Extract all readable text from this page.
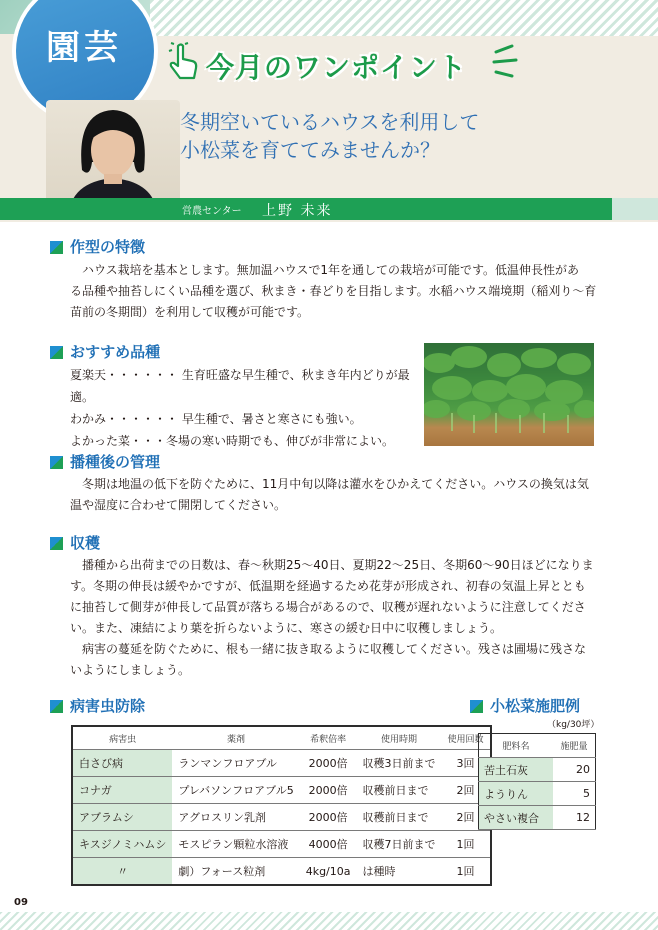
園芸	今月のワンポイント
冬期空いているハウスを利用して
小松菜を育ててみませんか？
営農センター 上野 未来
作型の特徴
　ハウス栽培を基本とします。無加温ハウスで1年を通しての栽培が可能です。低温伸長性があ
る品種や抽苔しにくい品種を選び、秋まき・春どりを目指します。水稲ハウス端境期（稲刈り～育
苗前の冬期間）を利用して収穫が可能です。
おすすめ品種
夏楽天・・・・・・ 生育旺盛な早生種で、秋まき年内どりが最適。
わかみ・・・・・・ 早生種で、暑さと寒さにも強い。
よかった菜・・・冬場の寒い時期でも、伸びが非常によい。
播種後の管理
　冬期は地温の低下を防ぐために、11月中旬以降は灌水をひかえてください。ハウスの換気は気
温や湿度に合わせて開閉してください。
収穫
　播種から出荷までの日数は、春～秋期25～40日、夏期22～25日、冬期60～90日ほどになりま
す。冬期の伸長は緩やかですが、低温期を経過するため花芽が形成され、初春の気温上昇ととも
に抽苔して側芽が伸長して品質が落ちる場合があるので、収穫が遅れないように注意してくださ
い。また、凍結により葉を折らないように、寒さの緩む日中に収穫しましょう。
　病害の蔓延を防ぐために、根も一緒に抜き取るように収穫してください。残さは圃場に残さな
いようにしましょう。
病害虫防除
病害虫	薬剤	希釈倍率	使用時期	使用回数
白さび病	ランマンフロアブル	2000倍	収穫3日前まで	3回
コナガ	プレバソンフロアブル5	2000倍	収穫前日まで	2回
アブラムシ	アグロスリン乳剤	2000倍	収穫前日まで	2回
キスジノミハムシ	モスピラン顆粒水溶液	4000倍	収穫7日前まで	1回
〃	劇）フォース粒剤	4kg/10a	は種時	1回
小松菜施肥例
（kg/30坪）
肥料名	施肥量
苦土石灰	20
ようりん	5
やさい複合	12
09
